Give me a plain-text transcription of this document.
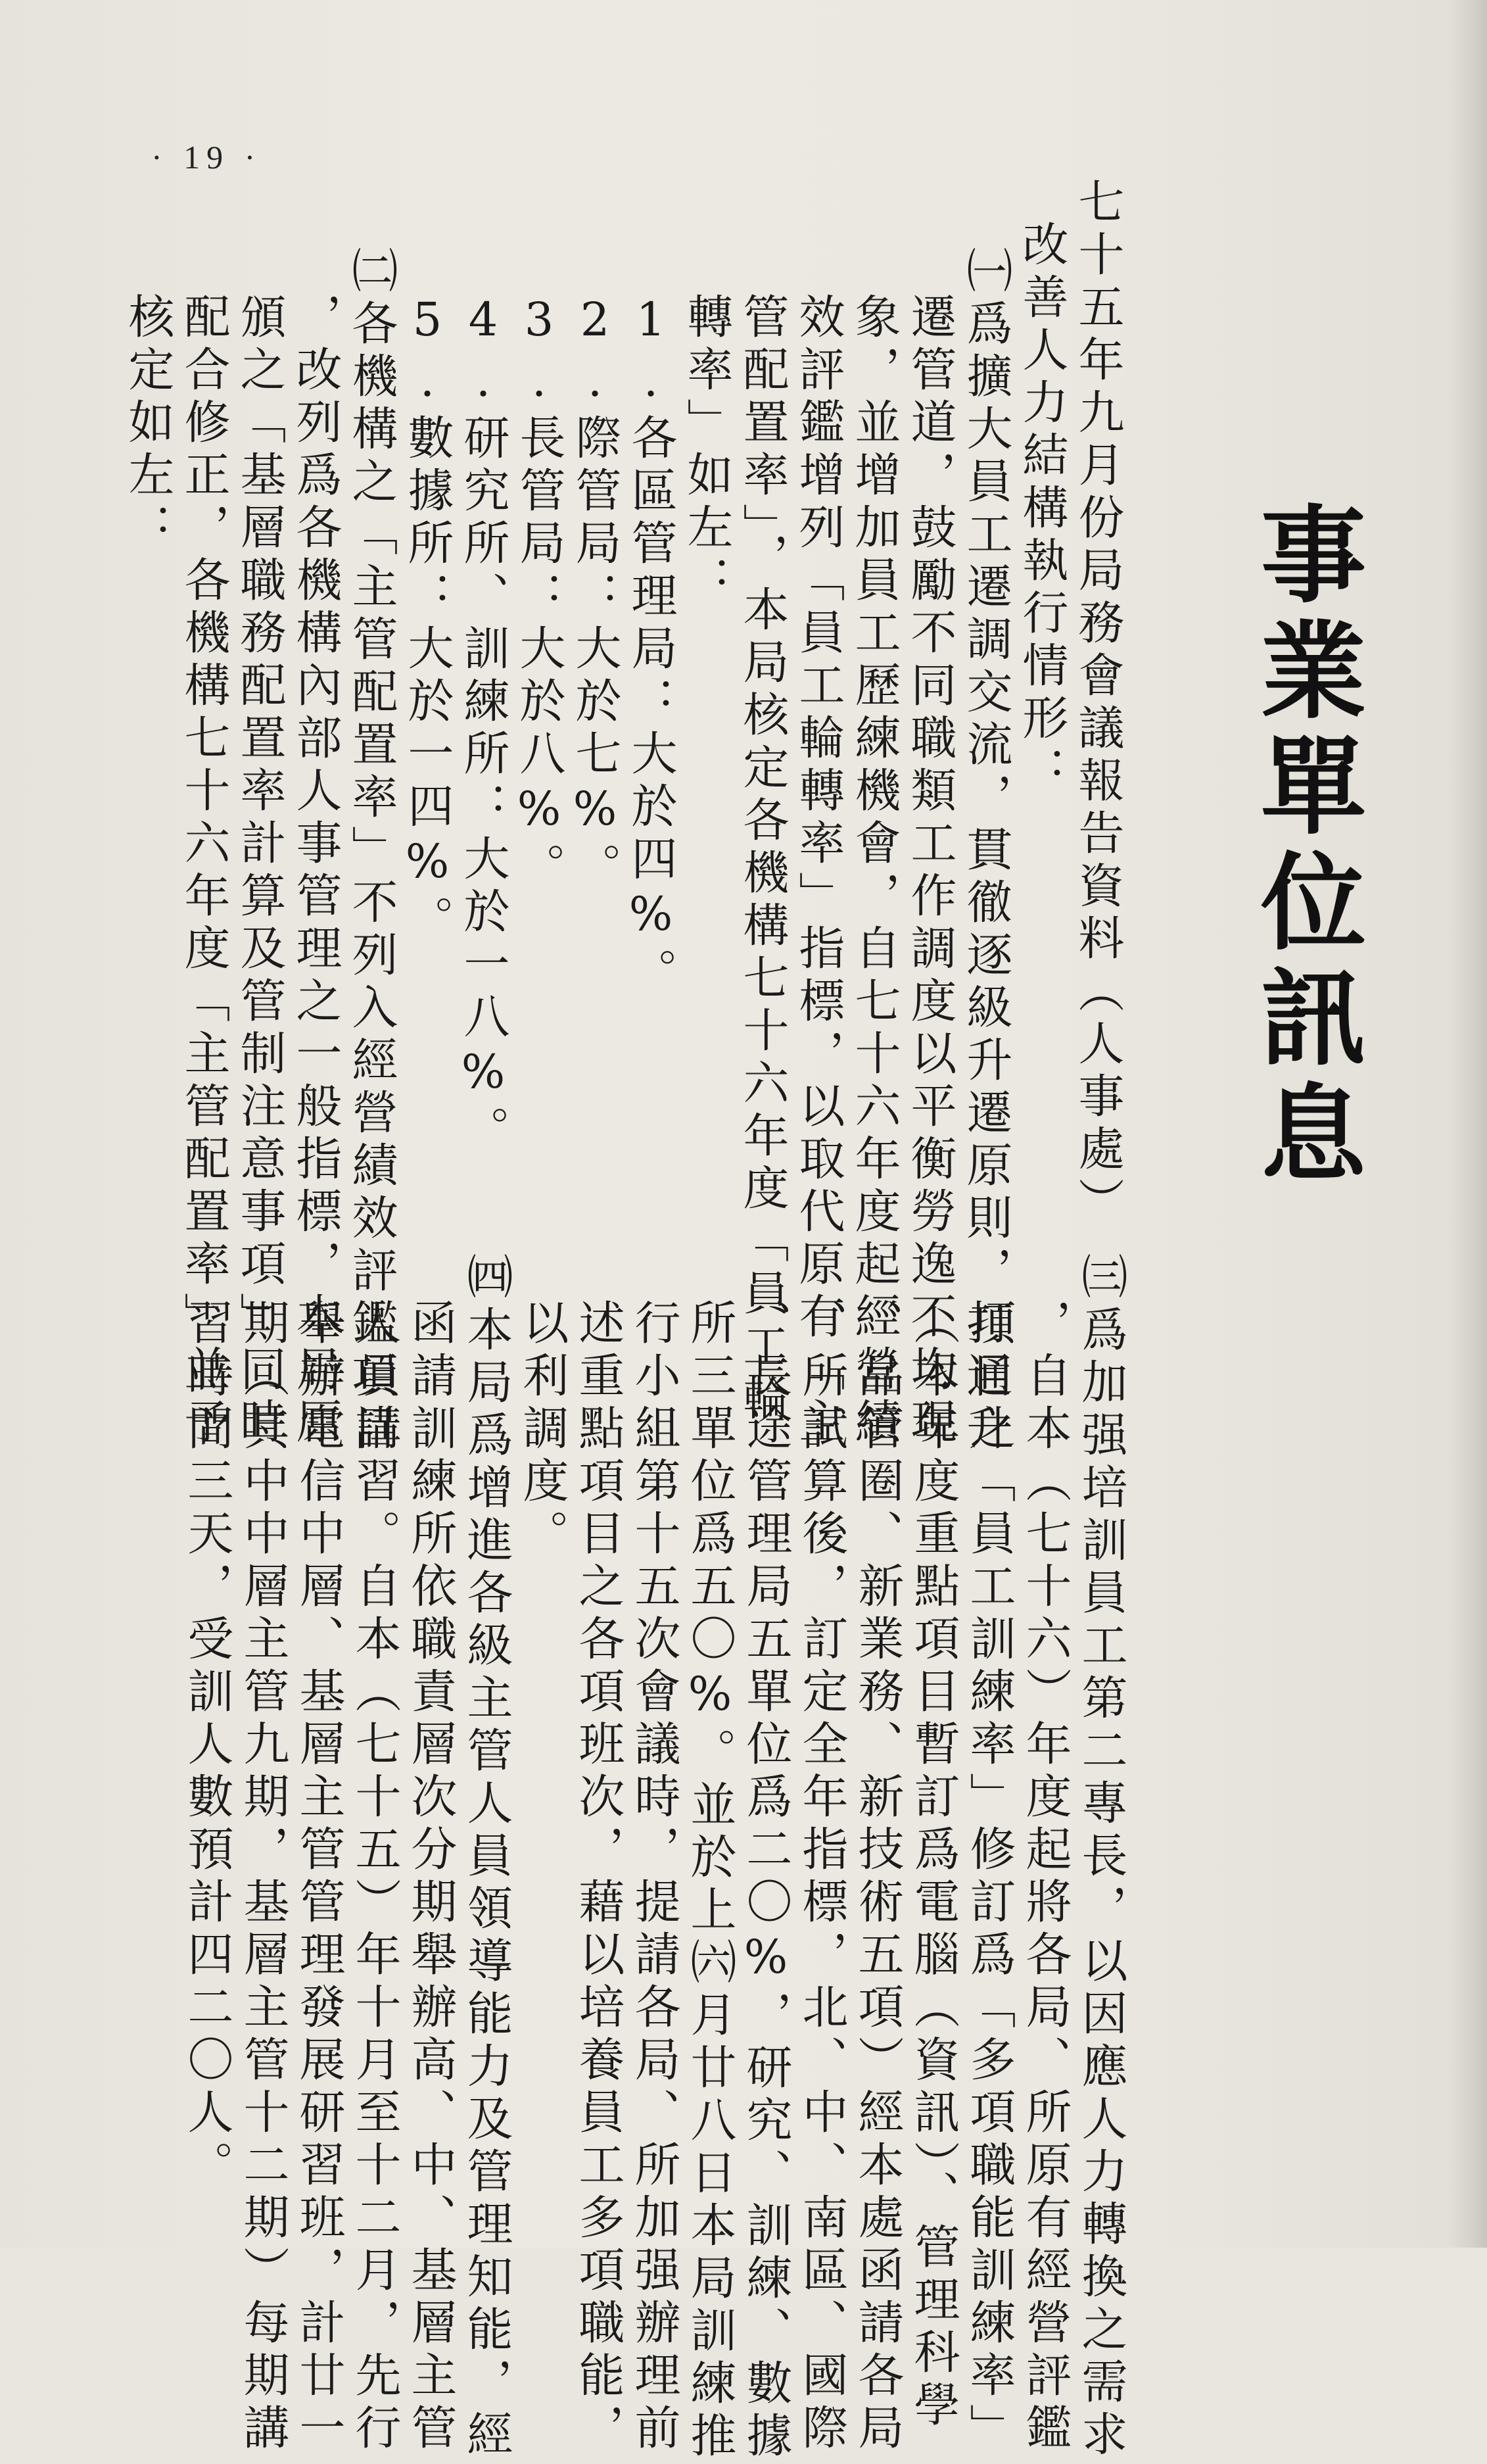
· 19 ·
事業單位訊息
七十五年九月份局務會議報告資料（人事處）
改善人力結構執行情形：
㈠爲擴大員工遷調交流，貫徹逐級升遷原則，打通升
遷管道，鼓勵不同職類工作調度以平衡勞逸不均現
象，並增加員工歷練機會，自七十六年度起經營績
效評鑑增列「員工輪轉率」指標，以取代原有「主
管配置率」，本局核定各機構七十六年度「員工輪
轉率」如左：
1.各區管理局：大於四%。
2.際管局：大於七%。
3.長管局：大於八%。
4.研究所、訓練所：大於一八%。
5.數據所：大於一四%。
㈡各機構之「主管配置率」不列入經營績效評鑑項目
，改列爲各機構內部人事管理之一般指標，本局原
頒之「基層職務配置率計算及管制注意事項」同時
配合修正，各機構七十六年度「主管配置率」並予
核定如左：
㈢爲加强培訓員工第二專長，以因應人力轉換之需求
，自本（七十六）年度起將各局、所原有經營評鑑
項目之「員工訓練率」修訂爲「多項職能訓練率」
（本年度重點項目暫訂爲電腦（資訊）、管理科學
、品管圈、新業務、新技術五項）經本處函請各局
、所試算後，訂定全年指標，北、中、南區、國際
、長途管理局五單位爲二〇%，研究、訓練、數據
所三單位爲五〇%。並於上㈥月廿八日本局訓練推
行小組第十五次會議時，提請各局、所加强辦理前
述重點項目之各項班次，藉以培養員工多項職能，
以利調度。
㈣本局爲增進各級主管人員領導能力及管理知能，經
函請訓練所依職責層次分期舉辦高、中、基層主管
人員講習。自本（七十五）年十月至十二月，先行
舉辦電信中層、基層主管管理發展研習班，計廿一
期（其中中層主管九期，基層主管十二期）每期講
習時間三天，受訓人數預計四二〇人。
